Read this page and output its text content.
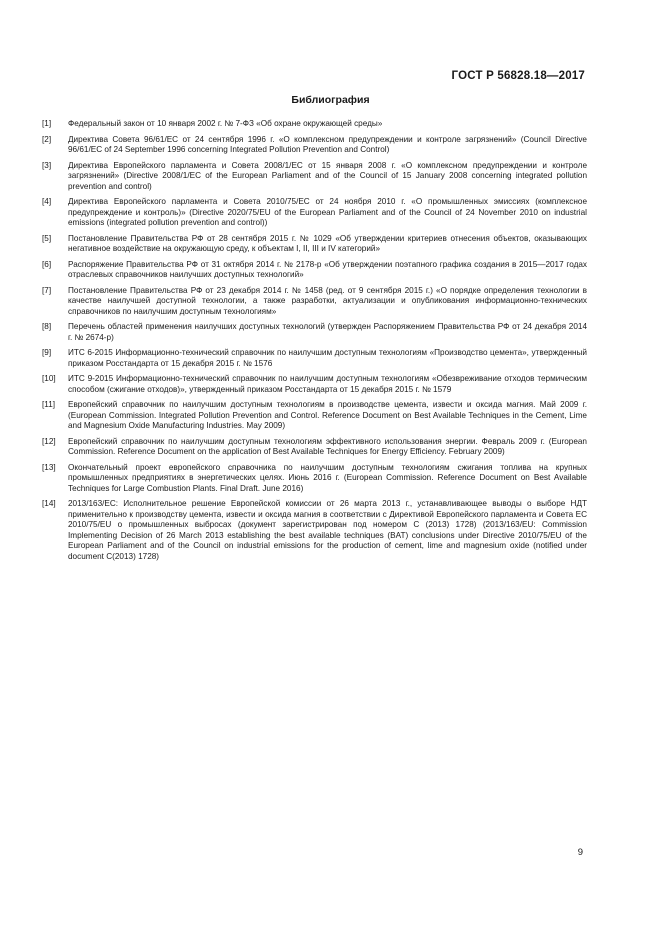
ГОСТ Р 56828.18—2017
Библиография
[1]	Федеральный закон от 10 января 2002 г. № 7-ФЗ «Об охране окружающей среды»
[2]	Директива Совета 96/61/ЕС от 24 сентября 1996 г. «О комплексном предупреждении и контроле загрязнений» (Council Directive 96/61/EC of 24 September 1996 concerning Integrated Pollution Prevention and Control)
[3]	Директива Европейского парламента и Совета 2008/1/ЕС от 15 января 2008 г. «О комплексном предупреждении и контроле загрязнений» (Directive 2008/1/EC of the European Parliament and of the Council of 15 January 2008 concerning integrated pollution prevention and control)
[4]	Директива Европейского парламента и Совета 2010/75/ЕС от 24 ноября 2010 г. «О промышленных эмиссиях (комплексное предупреждение и контроль)» (Directive 2020/75/EU of the European Parliament and of the Council of 24 November 2010 on industrial emissions (integrated pollution prevention and control))
[5]	Постановление Правительства РФ от 28 сентября 2015 г. № 1029 «Об утверждении критериев отнесения объектов, оказывающих негативное воздействие на окружающую среду, к объектам I, II, III и IV категорий»
[6]	Распоряжение Правительства РФ от 31 октября 2014 г. № 2178-р «Об утверждении поэтапного графика создания в 2015—2017 годах отраслевых справочников наилучших доступных технологий»
[7]	Постановление Правительства РФ от 23 декабря 2014 г. № 1458 (ред. от 9 сентября 2015 г.) «О порядке определения технологии в качестве наилучшей доступной технологии, а также разработки, актуализации и опубликования информационно-технических справочников по наилучшим доступным технологиям»
[8]	Перечень областей применения наилучших доступных технологий (утвержден Распоряжением Правительства РФ от 24 декабря 2014 г. № 2674-р)
[9]	ИТС 6-2015 Информационно-технический справочник по наилучшим доступным технологиям «Производство цемента», утвержденный приказом Росстандарта от 15 декабря 2015 г. № 1576
[10]	ИТС 9-2015 Информационно-технический справочник по наилучшим доступным технологиям «Обезвреживание отходов термическим способом (сжигание отходов)», утвержденный приказом Росстандарта от 15 декабря 2015 г. № 1579
[11]	Европейский справочник по наилучшим доступным технологиям в производстве цемента, извести и оксида магния. Май 2009 г. (European Commission. Integrated Pollution Prevention and Control. Reference Document on Best Available Techniques in the Cement, Lime and Magnesium Oxide Manufacturing Industries. May 2009)
[12]	Европейский справочник по наилучшим доступным технологиям эффективного использования энергии. Февраль 2009 г. (European Commission. Reference Document on the application of Best Available Techniques for Energy Efficiency. February 2009)
[13]	Окончательный проект европейского справочника по наилучшим доступным технологиям сжигания топлива на крупных промышленных предприятиях в энергетических целях. Июнь 2016 г. (European Commission. Reference Document on Best Available Techniques for Large Combustion Plants. Final Draft. June 2016)
[14]	2013/163/ЕС: Исполнительное решение Европейской комиссии от 26 марта 2013 г., устанавливающее выводы о выборе НДТ применительно к производству цемента, извести и оксида магния в соответствии с Директивой Европейского парламента и Совета ЕС 2010/75/EU о промышленных выбросах (документ зарегистрирован под номером С (2013) 1728) (2013/163/EU: Commission Implementing Decision of 26 March 2013 establishing the best available techniques (BAT) conclusions under Directive 2010/75/EU of the European Parliament and of the Council on industrial emissions for the production of cement, lime and magnesium oxide (notified under document C(2013) 1728)
9
